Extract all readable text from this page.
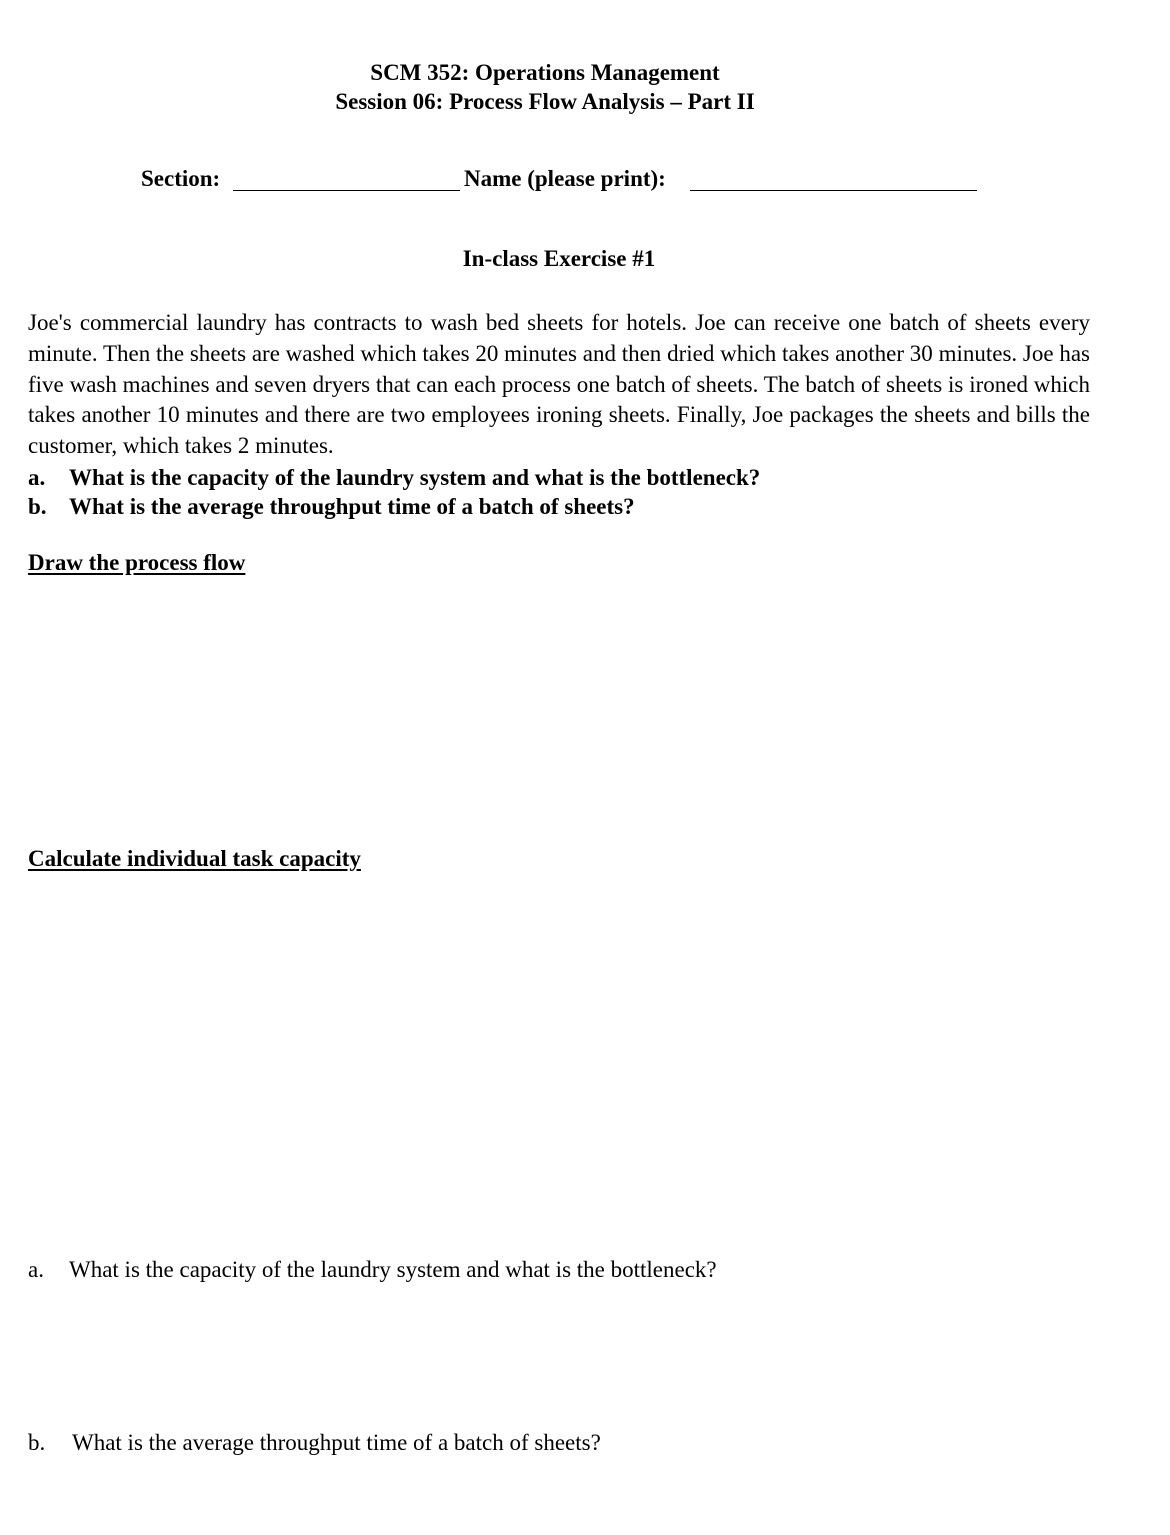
SCM 352: Operations Management
Session 06: Process Flow Analysis – Part II
Section:	Name (please print):
In-class Exercise #1
Joe's commercial laundry has contracts to wash bed sheets for hotels. Joe can receive one batch of sheets every minute. Then the sheets are washed which takes 20 minutes and then dried which takes another 30 minutes. Joe has five wash machines and seven dryers that can each process one batch of sheets. The batch of sheets is ironed which takes another 10 minutes and there are two employees ironing sheets. Finally, Joe packages the sheets and bills the customer, which takes 2 minutes.
a. What is the capacity of the laundry system and what is the bottleneck?
b. What is the average throughput time of a batch of sheets?
Draw the process flow
Calculate individual task capacity
a. What is the capacity of the laundry system and what is the bottleneck?
b. What is the average throughput time of a batch of sheets?
